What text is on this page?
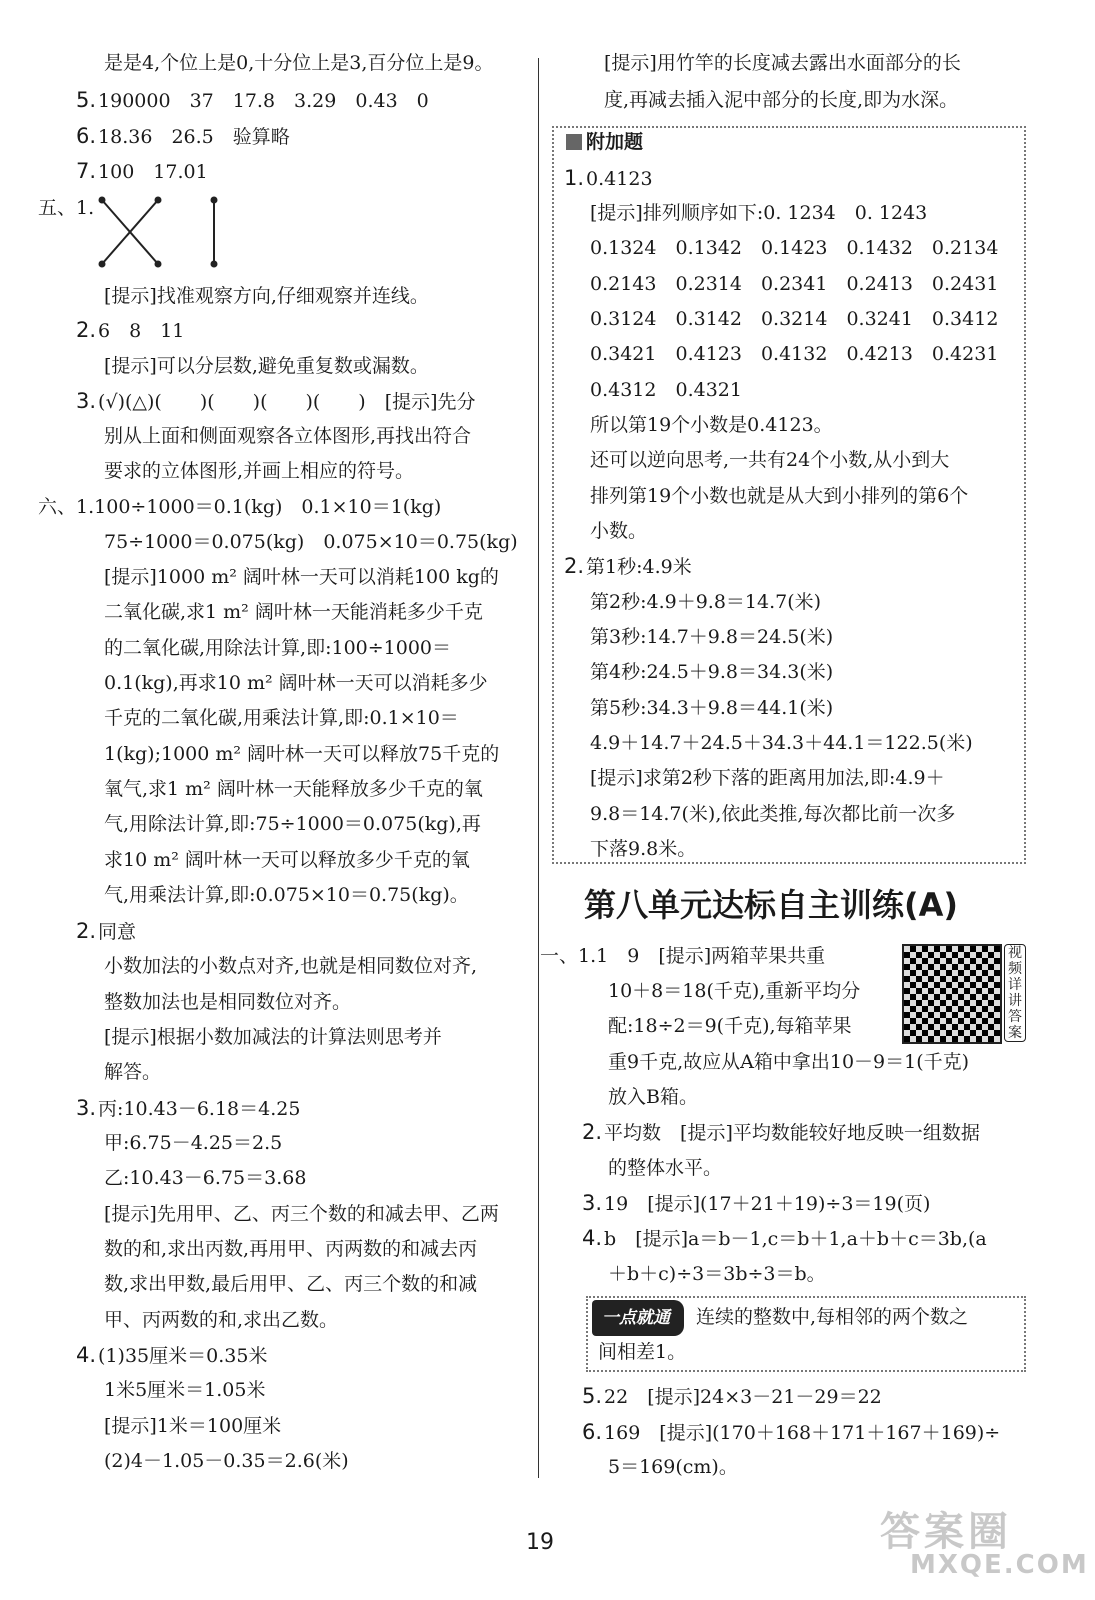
是是4,个位上是0,十分位上是3,百分位上是9。
5. 190000　37　17.8　3.29　0.43　0
6. 18.36　26.5　验算略
7. 100　17.01
五、1.
[提示]找准观察方向,仔细观察并连线。
2. 6　8　11
[提示]可以分层数,避免重复数或漏数。
3. (√)(△)(　　)(　　)(　　)(　　)　[提示]先分
别从上面和侧面观察各立体图形,再找出符合
要求的立体图形,并画上相应的符号。
六、1.100÷1000＝0.1(kg)　0.1×10＝1(kg)
75÷1000＝0.075(kg)　0.075×10＝0.75(kg)
[提示]1000 m² 阔叶林一天可以消耗100 kg的
二氧化碳,求1 m² 阔叶林一天能消耗多少千克
的二氧化碳,用除法计算,即:100÷1000＝
0.1(kg),再求10 m² 阔叶林一天可以消耗多少
千克的二氧化碳,用乘法计算,即:0.1×10＝
1(kg);1000 m² 阔叶林一天可以释放75千克的
氧气,求1 m² 阔叶林一天能释放多少千克的氧
气,用除法计算,即:75÷1000＝0.075(kg),再
求10 m² 阔叶林一天可以释放多少千克的氧
气,用乘法计算,即:0.075×10＝0.75(kg)。
2. 同意
小数加法的小数点对齐,也就是相同数位对齐,
整数加法也是相同数位对齐。
[提示]根据小数加减法的计算法则思考并
解答。
3. 丙:10.43－6.18＝4.25
甲:6.75－4.25＝2.5
乙:10.43－6.75＝3.68
[提示]先用甲、乙、丙三个数的和减去甲、乙两
数的和,求出丙数,再用甲、丙两数的和减去丙
数,求出甲数,最后用甲、乙、丙三个数的和减
甲、丙两数的和,求出乙数。
4. (1)35厘米＝0.35米
1米5厘米＝1.05米
[提示]1米＝100厘米
(2)4－1.05－0.35＝2.6(米)
[提示]用竹竿的长度减去露出水面部分的长
度,再减去插入泥中部分的长度,即为水深。
附加题
1. 0.4123
[提示]排列顺序如下:0. 1234　0. 1243
0.1324　0.1342　0.1423　0.1432　0.2134
0.2143　0.2314　0.2341　0.2413　0.2431
0.3124　0.3142　0.3214　0.3241　0.3412
0.3421　0.4123　0.4132　0.4213　0.4231
0.4312　0.4321
所以第19个小数是0.4123。
还可以逆向思考,一共有24个小数,从小到大
排列第19个小数也就是从大到小排列的第6个
小数。
2. 第1秒:4.9米
第2秒:4.9＋9.8＝14.7(米)
第3秒:14.7＋9.8＝24.5(米)
第4秒:24.5＋9.8＝34.3(米)
第5秒:34.3＋9.8＝44.1(米)
4.9＋14.7＋24.5＋34.3＋44.1＝122.5(米)
[提示]求第2秒下落的距离用加法,即:4.9＋
9.8＝14.7(米),依此类推,每次都比前一次多
下落9.8米。
第八单元达标自主训练(A)
一、1.1　9　[提示]两箱苹果共重
10＋8＝18(千克),重新平均分
配:18÷2＝9(千克),每箱苹果
重9千克,故应从A箱中拿出10－9＝1(千克)
放入B箱。
视频详讲答案
2. 平均数　[提示]平均数能较好地反映一组数据
的整体水平。
3. 19　[提示](17＋21＋19)÷3＝19(页)
4. b　[提示]a＝b－1,c＝b＋1,a＋b＋c＝3b,(a
＋b＋c)÷3＝3b÷3＝b。
一点就通 连续的整数中,每相邻的两个数之
间相差1。
5. 22　[提示]24×3－21－29＝22
6. 169　[提示](170＋168＋171＋167＋169)÷
5＝169(cm)。
19	答案圈
MXQE.COM
